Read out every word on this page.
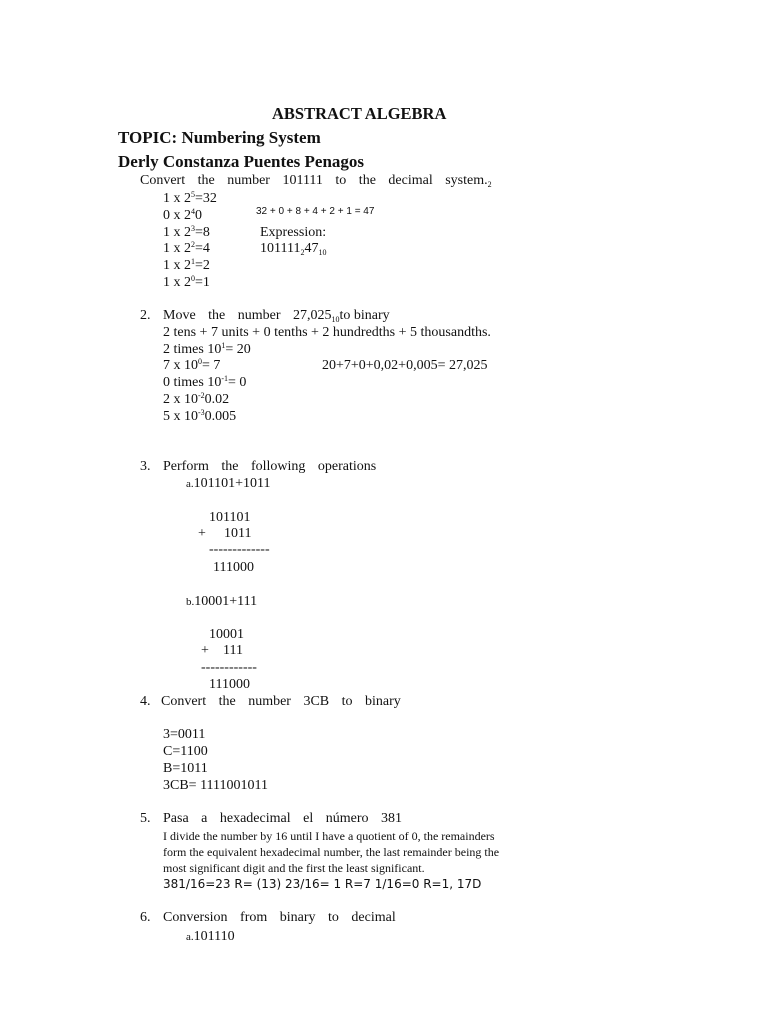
ABSTRACT ALGEBRA
TOPIC: Numbering System
Derly Constanza Puentes Penagos
Convert the number 101111 to the decimal $system._2$
1 x $2^5=32$
0 x $2^40$
1 x $2^3=8$
1 x $2^2=4$
1 x $2^1=2$
1 x $2^0=1$
32 + 0 + 8 + 4 + 2 + 1 = 47
Expression:
$101111_247_{10}$
2. Move the number $27,025_{10}to$ binary
2 tens + 7 units + 0 tenths + 2 hundredths + 5 thousandths.
2 times $10^1= 20$
7 x $10^0= 7$
0 times $10^{-1}= 0$
2 x $10^{-2}0.02$
5 x $10^{-3}0.005$
20+7+0+0,02+0,005= 27,025
3. Perform the following operations
a.101101+1011
101101
+ 1011
-------------
111000
b.10001+111
10001
+ 111
------------
111000
4. Convert the number 3CB to binary
3=0011
C=1100
B=1011
3CB= 1111001011
5. Pasa a hexadecimal el número 381
I divide the number by 16 until I have a quotient of 0, the remainders
form the equivalent hexadecimal number, the last remainder being the
most significant digit and the first the least significant.
381/16=23 R= (13) 23/16= 1 R=7 1/16=0 R=1, 17D
6. Conversion from binary to decimal
a.101110
